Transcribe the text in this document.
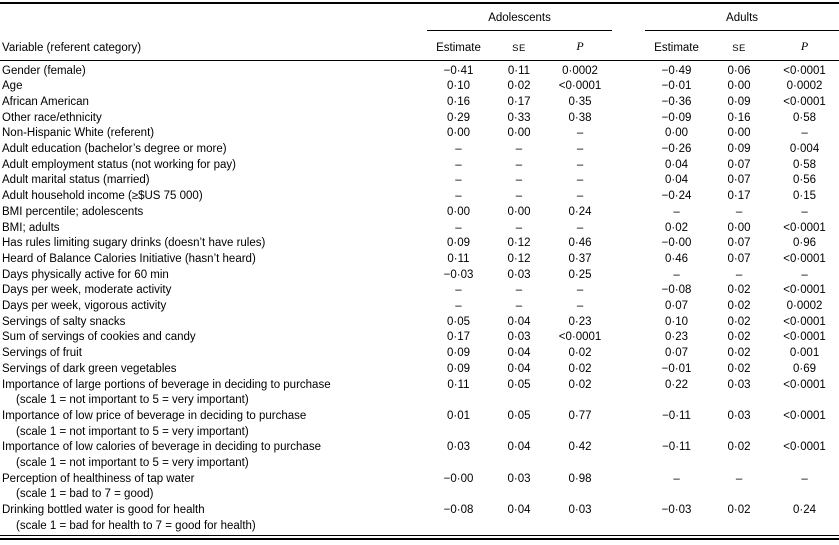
	Adolescents				Adults		
Variable (referent category)	Estimate	SE	P		Estimate	SE	P

Gender (female)	−0·41	0·11	0·0002		−0·49	0·06	<0·0001

Age	0·10	0·02	<0·0001		−0·01	0·00	0·0002

African American	0·16	0·17	0·35		−0·36	0·09	<0·0001

Other race/ethnicity	0·29	0·33	0·38		−0·09	0·16	0·58

Non-Hispanic White (referent)	0·00	0·00	–		0·00	0·00	–

Adult education (bachelor’s degree or more)	–	–	–		−0·26	0·09	0·004

Adult employment status (not working for pay)	–	–	–		0·04	0·07	0·58

Adult marital status (married)	–	–	–		0·04	0·07	0·56

Adult household income (≥$US 75 000)	–	–	–		−0·24	0·17	0·15

BMI percentile; adolescents	0·00	0·00	0·24		–	–	–

BMI; adults	–	–	–		0·02	0·00	<0·0001

Has rules limiting sugary drinks (doesn’t have rules)	0·09	0·12	0·46		−0·00	0·07	0·96

Heard of Balance Calories Initiative (hasn’t heard)	0·11	0·12	0·37		0·46	0·07	<0·0001

Days physically active for 60 min	−0·03	0·03	0·25		–	–	–

Days per week, moderate activity	–	–	–		−0·08	0·02	<0·0001

Days per week, vigorous activity	–	–	–		0·07	0·02	0·0002

Servings of salty snacks	0·05	0·04	0·23		0·10	0·02	<0·0001

Sum of servings of cookies and candy	0·17	0·03	<0·0001		0·23	0·02	<0·0001

Servings of fruit	0·09	0·04	0·02		0·07	0·02	0·001

Servings of dark green vegetables	0·09	0·04	0·02		−0·01	0·02	0·69

Importance of large portions of beverage in deciding to purchase
(scale 1 = not important to 5 = very important)	0·11	0·05	0·02		0·22	0·03	<0·0001

Importance of low price of beverage in deciding to purchase
(scale 1 = not important to 5 = very important)	0·01	0·05	0·77		−0·11	0·03	<0·0001

Importance of low calories of beverage in deciding to purchase
(scale 1 = not important to 5 = very important)	0·03	0·04	0·42		−0·11	0·02	<0·0001

Perception of healthiness of tap water
(scale 1 = bad to 7 = good)	−0·00	0·03	0·98		–	–	–

Drinking bottled water is good for health
(scale 1 = bad for health to 7 = good for health)	−0·08	0·04	0·03		−0·03	0·02	0·24
